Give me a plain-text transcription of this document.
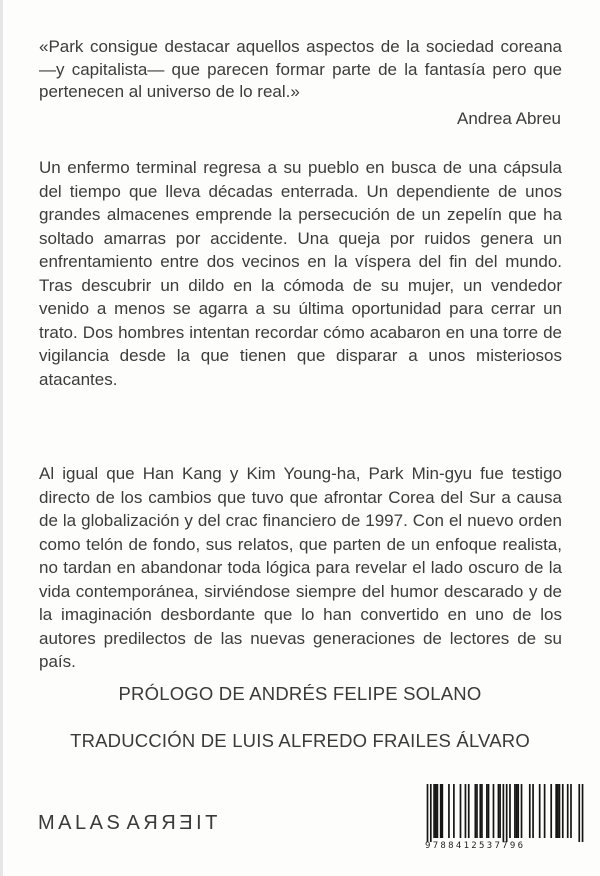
«Park consigue destacar aquellos aspectos de la sociedad coreana —y capitalista— que parecen formar parte de la fantasía pero que pertenecen al universo de lo real.»
Andrea Abreu

Un enfermo terminal regresa a su pueblo en busca de una cápsula del tiempo que lleva décadas enterrada. Un dependiente de unos grandes almacenes emprende la persecución de un zepelín que ha soltado amarras por accidente. Una queja por ruidos genera un enfrentamiento entre dos vecinos en la víspera del fin del mundo. Tras descubrir un dildo en la cómoda de su mujer, un vendedor venido a menos se agarra a su última oportunidad para cerrar un trato. Dos hombres intentan recordar cómo acabaron en una torre de vigilancia desde la que tienen que disparar a unos misteriosos atacantes.

Al igual que Han Kang y Kim Young-ha, Park Min-gyu fue testigo directo de los cambios que tuvo que afrontar Corea del Sur a causa de la globalización y del crac financiero de 1997. Con el nuevo orden como telón de fondo, sus relatos, que parten de un enfoque realista, no tardan en abandonar toda lógica para revelar el lado oscuro de la vida contemporánea, sirviéndose siempre del humor descarado y de la imaginación desbordante que lo han convertido en uno de los autores predilectos de las nuevas generaciones de lectores de su país.

PRÓLOGO DE ANDRÉS FELIPE SOLANO
TRADUCCIÓN DE LUIS ALFREDO FRAILES ÁLVARO
MALASTIERRA
9788412537796
